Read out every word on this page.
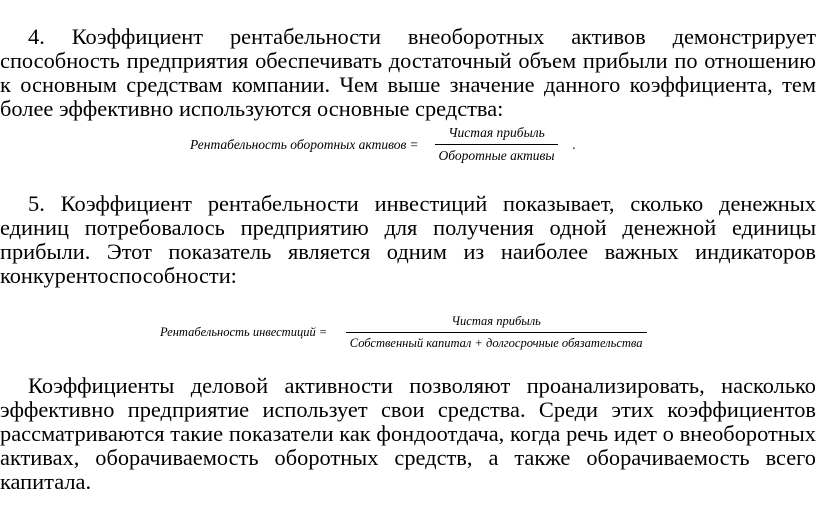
4. Коэффициент рентабельности внеоборотных активов демонстрирует способность предприятия обеспечивать достаточный объем прибыли по отношению к основным средствам компании. Чем выше значение данного коэффициента, тем более эффективно используются основные средства:

Рентабельность оборотных активов = $\frac{\text{Чистая прибыль}}{\text{Оборотные активы}}$ .

5. Коэффициент рентабельности инвестиций показывает, сколько денежных единиц потребовалось предприятию для получения одной денежной единицы прибыли. Этот показатель является одним из наиболее важных индикаторов конкурентоспособности:

Рентабельность инвестиций = $\frac{\text{Чистая прибыль}}{\text{Собственный капитал + долгосрочные обязательства}}$

Коэффициенты деловой активности позволяют проанализировать, насколько эффективно предприятие использует свои средства. Среди этих коэффициентов рассматриваются такие показатели как фондоотдача, когда речь идет о внеоборотных активах, оборачиваемость оборотных средств, а также оборачиваемость всего капитала.
